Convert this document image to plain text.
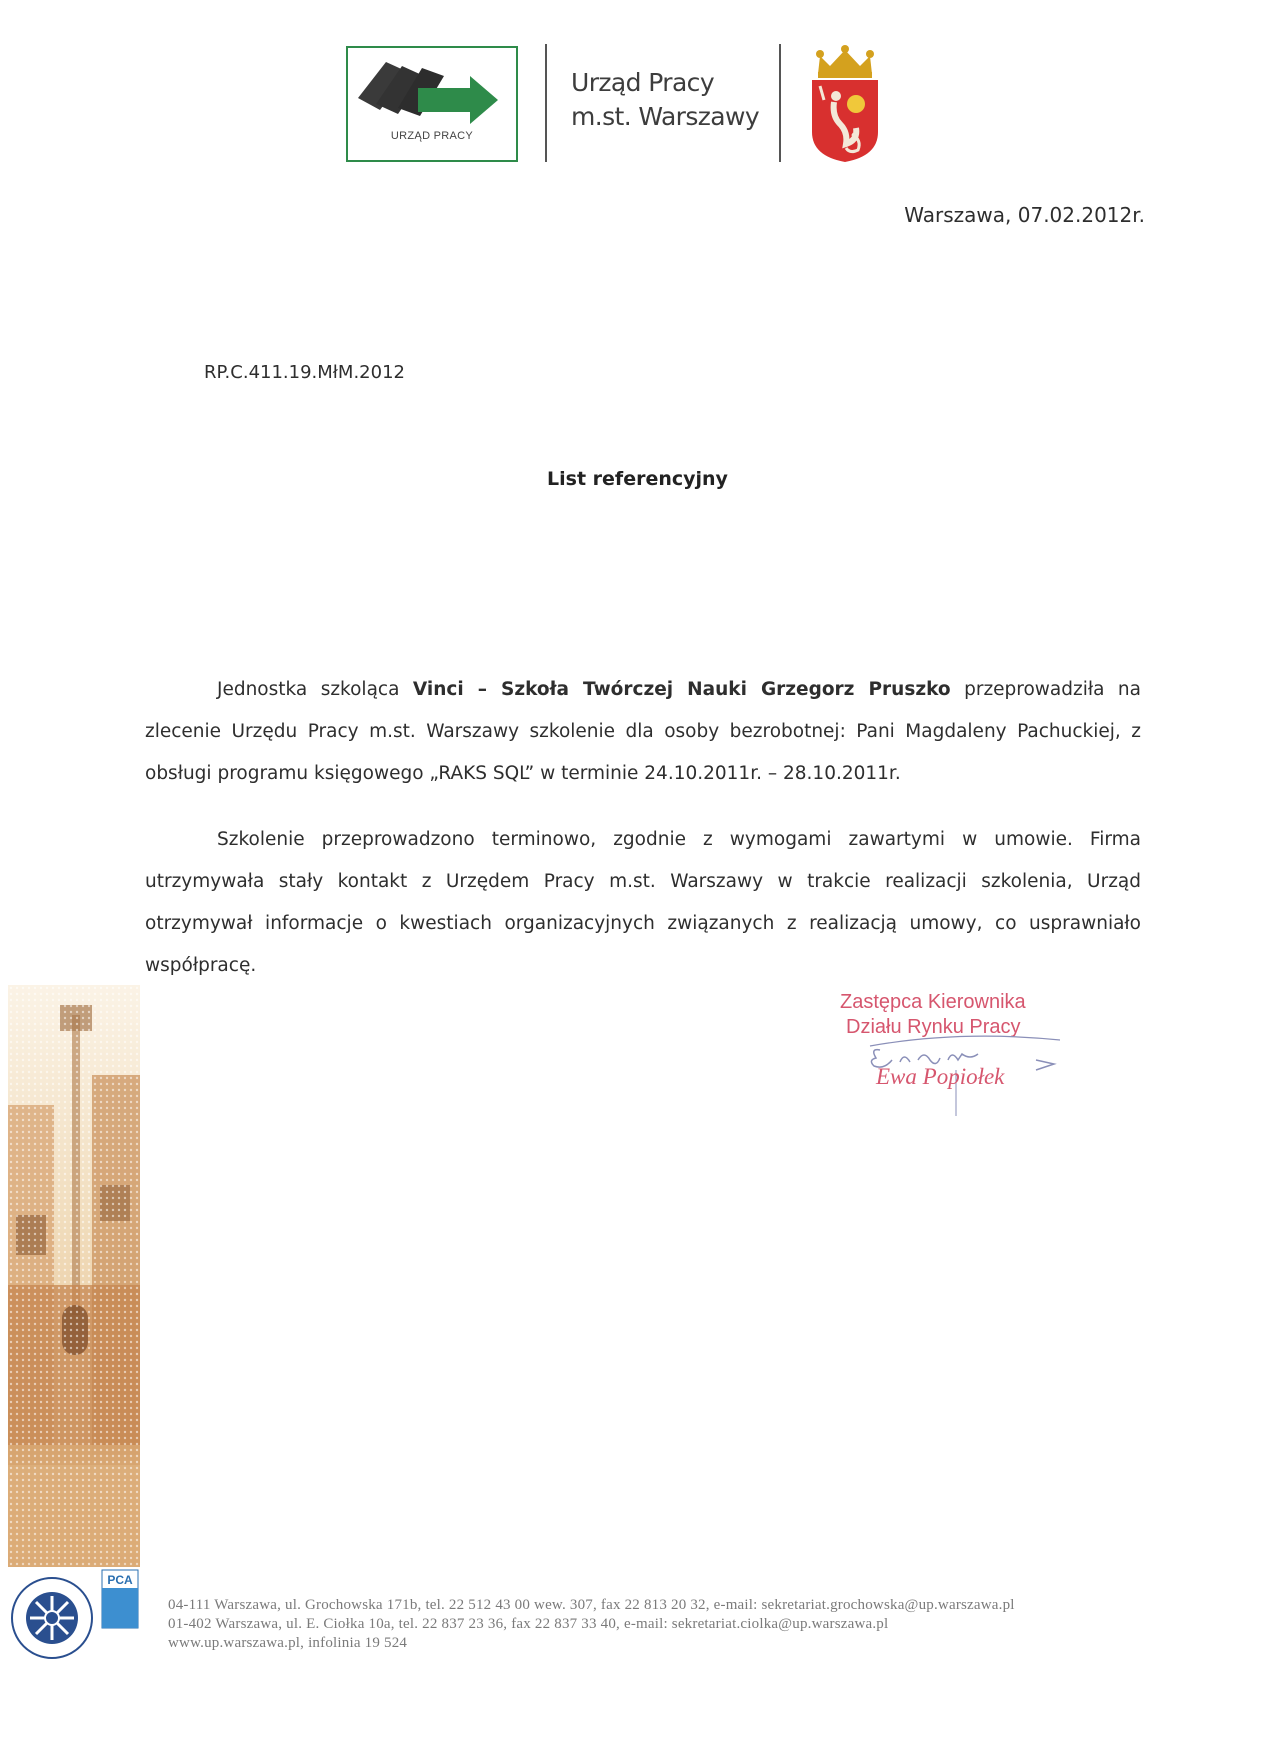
URZĄD PRACY
Urząd Pracy
m.st. Warszawy
Warszawa, 07.02.2012r.
RP.C.411.19.MłM.2012
List referencyjny
Jednostka szkoląca Vinci – Szkoła Twórczej Nauki Grzegorz Pruszko przeprowadziła na zlecenie Urzędu Pracy m.st. Warszawy szkolenie dla osoby bezrobotnej: Pani Magdaleny Pachuckiej, z obsługi programu księgowego „RAKS SQL” w terminie 24.10.2011r. – 28.10.2011r.
Szkolenie przeprowadzono terminowo, zgodnie z wymogami zawartymi w umowie. Firma utrzymywała stały kontakt z Urzędem Pracy m.st. Warszawy w trakcie realizacji szkolenia, Urząd otrzymywał informacje o kwestiach organizacyjnych związanych z realizacją umowy, co usprawniało współpracę.
Zastępca Kierownika
Działu Rynku Pracy
Ewa Popiołek
PCA
04-111 Warszawa, ul. Grochowska 171b, tel. 22 512 43 00 wew. 307, fax 22 813 20 32, e-mail: sekretariat.grochowska@up.warszawa.pl
01-402 Warszawa, ul. E. Ciołka 10a, tel. 22 837 23 36, fax 22 837 33 40, e-mail: sekretariat.ciolka@up.warszawa.pl
www.up.warszawa.pl, infolinia 19 524
